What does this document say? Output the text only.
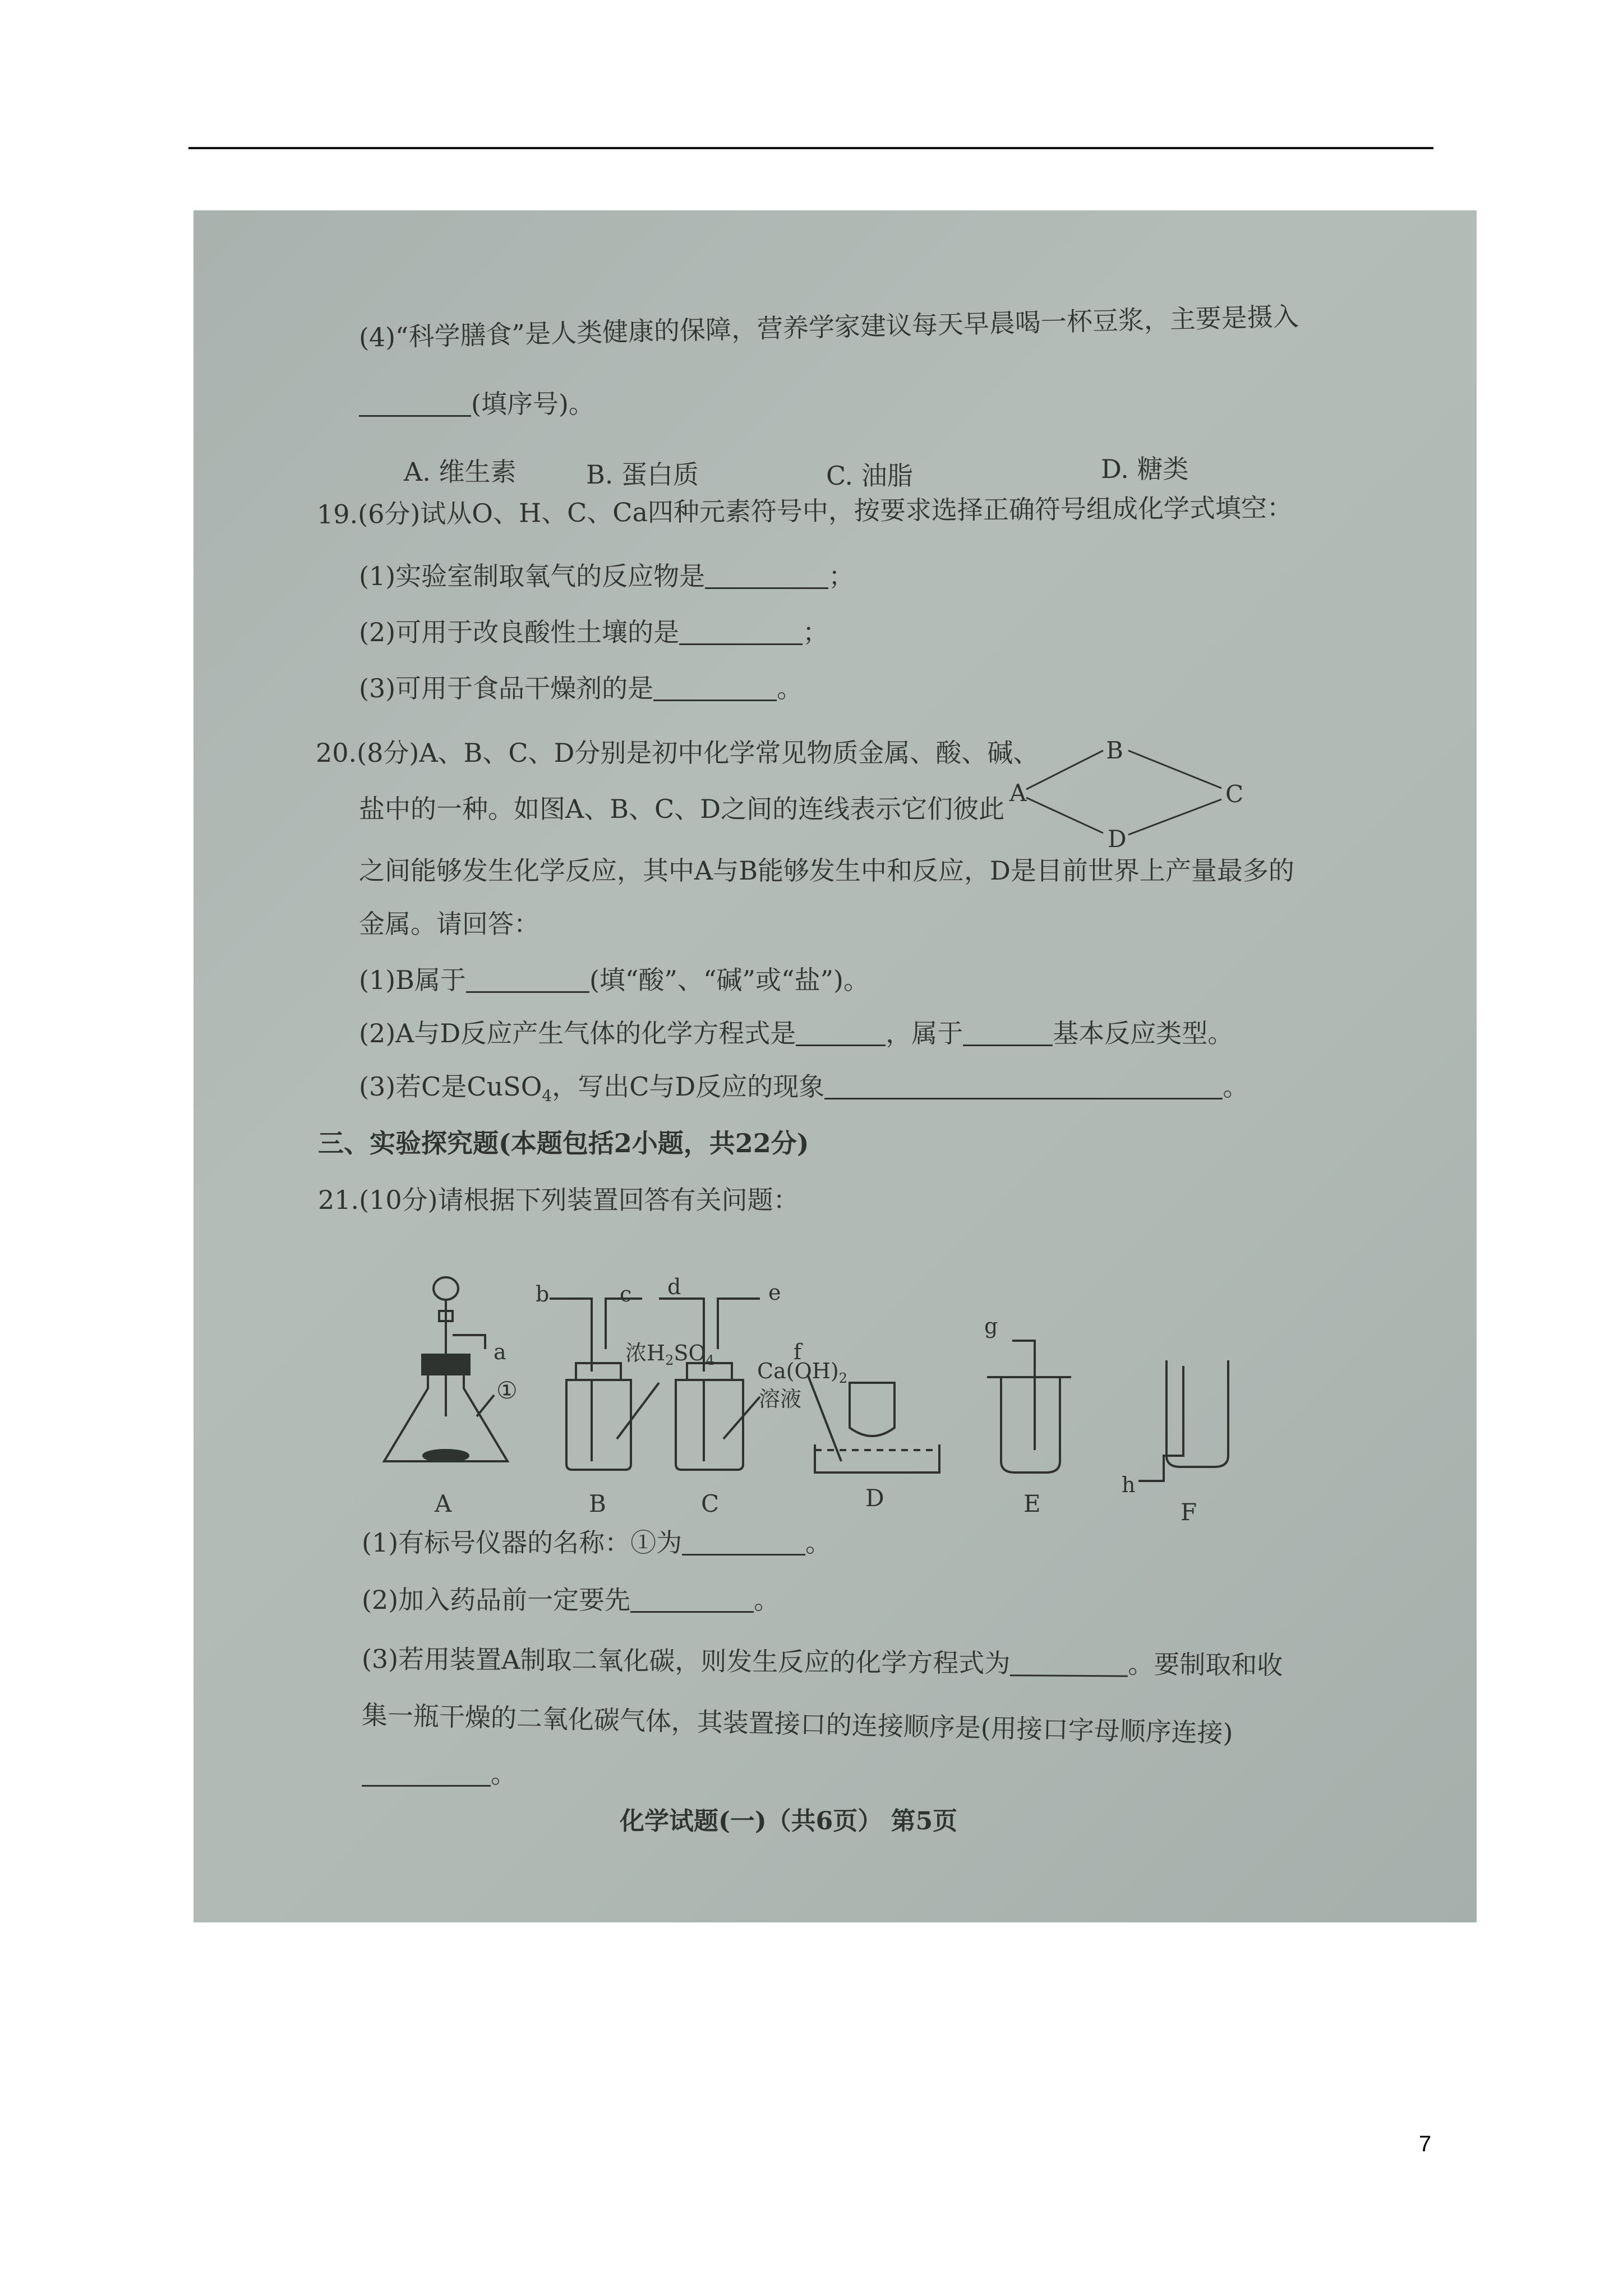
(4)“科学膳食”是人类健康的保障，营养学家建议每天早晨喝一杯豆浆，主要是摄入
(填序号)。
A. 维生素	B. 蛋白质	C. 油脂	D. 糖类
19.(6分)试从O、H、C、Ca四种元素符号中，按要求选择正确符号组成化学式填空：
(1)实验室制取氧气的反应物是	；
(2)可用于改良酸性土壤的是	；
(3)可用于食品干燥剂的是	。
20.(8分)A、B、C、D分别是初中化学常见物质金属、酸、碱、
盐中的一种。如图A、B、C、D之间的连线表示它们彼此
A
B
C
D
之间能够发生化学反应，其中A与B能够发生中和反应，D是目前世界上产量最多的
金属。请回答：
(1)B属于	(填“酸”、“碱”或“盐”)。
(2)A与D反应产生气体的化学方程式是	，属于	基本反应类型。
(3)若C是CuSO$_4$，写出C与D反应的现象	。
三、实验探究题(本题包括2小题，共22分)
21.(10分)请根据下列装置回答有关问题：
a
①
b	c d	e
f
g
h
浓$H_2SO_4$ $Ca(OH)_2$
溶液
A	B	C	D	E	F
(1)有标号仪器的名称：①为	。
(2)加入药品前一定要先	。
(3)若用装置A制取二氧化碳，则发生反应的化学方程式为	。要制取和收
集一瓶干燥的二氧化碳气体，其装置接口的连接顺序是(用接口字母顺序连接)
。
化学试题(一)（共6页） 第5页
7
